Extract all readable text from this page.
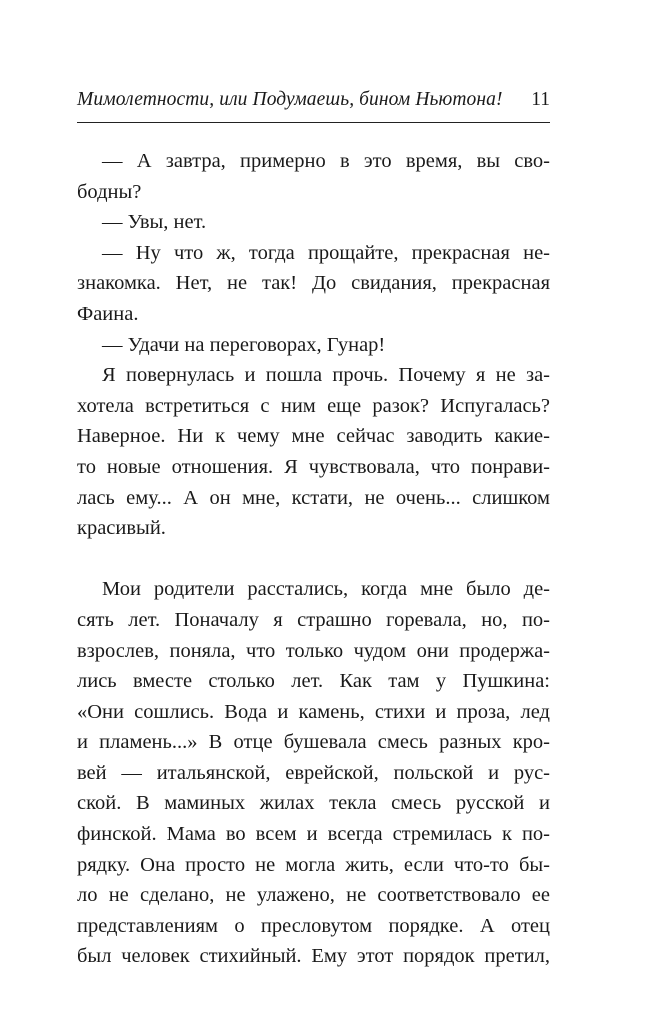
Мимолетности, или Подумаешь, бином Ньютона! 11
— А завтра, примерно в это время, вы сво-
бодны?
— Увы, нет.
— Ну что ж, тогда прощайте, прекрасная не-
знакомка. Нет, не так! До свидания, прекрасная
Фаина.
— Удачи на переговорах, Гунар!
Я повернулась и пошла прочь. Почему я не за-
хотела встретиться с ним еще разок? Испугалась?
Наверное. Ни к чему мне сейчас заводить какие-
то новые отношения. Я чувствовала, что понрави-
лась ему... А он мне, кстати, не очень... слишком
красивый.
Мои родители расстались, когда мне было де-
сять лет. Поначалу я страшно горевала, но, по-
взрослев, поняла, что только чудом они продержа-
лись вместе столько лет. Как там у Пушкина:
«Они сошлись. Вода и камень, стихи и проза, лед
и пламень...» В отце бушевала смесь разных кро-
вей — итальянской, еврейской, польской и рус-
ской. В маминых жилах текла смесь русской и
финской. Мама во всем и всегда стремилась к по-
рядку. Она просто не могла жить, если что-то бы-
ло не сделано, не улажено, не соответствовало ее
представлениям о пресловутом порядке. А отец
был человек стихийный. Ему этот порядок претил,
